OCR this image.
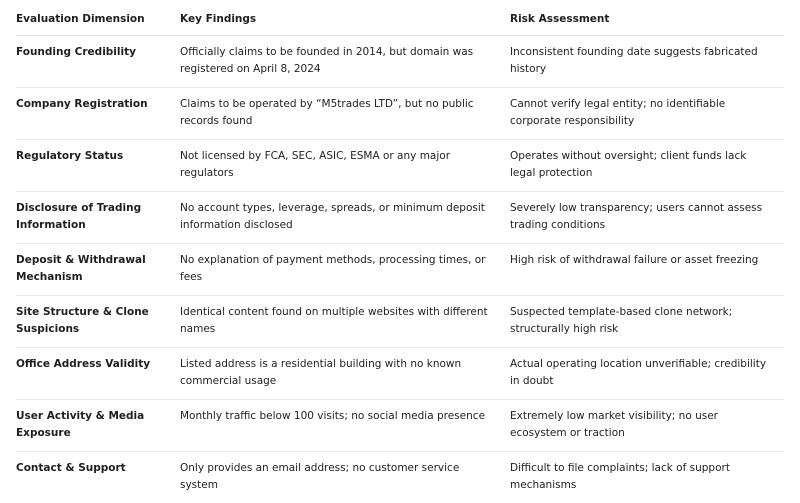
Evaluation Dimension	Key Findings	Risk Assessment
Founding Credibility	Officially claims to be founded in 2014, but domain was registered on April 8, 2024	Inconsistent founding date suggests fabricated history
Company Registration	Claims to be operated by “M5trades LTD”, but no public records found	Cannot verify legal entity; no identifiable corporate responsibility
Regulatory Status	Not licensed by FCA, SEC, ASIC, ESMA or any major regulators	Operates without oversight; client funds lack legal protection
Disclosure of Trading Information	No account types, leverage, spreads, or minimum deposit information disclosed	Severely low transparency; users cannot assess trading conditions
Deposit & Withdrawal Mechanism	No explanation of payment methods, processing times, or fees	High risk of withdrawal failure or asset freezing
Site Structure & Clone Suspicions	Identical content found on multiple websites with different names	Suspected template-based clone network; structurally high risk
Office Address Validity	Listed address is a residential building with no known commercial usage	Actual operating location unverifiable; credibility in doubt
User Activity & Media Exposure	Monthly traffic below 100 visits; no social media presence	Extremely low market visibility; no user ecosystem or traction
Contact & Support	Only provides an email address; no customer service system	Difficult to file complaints; lack of support mechanisms
